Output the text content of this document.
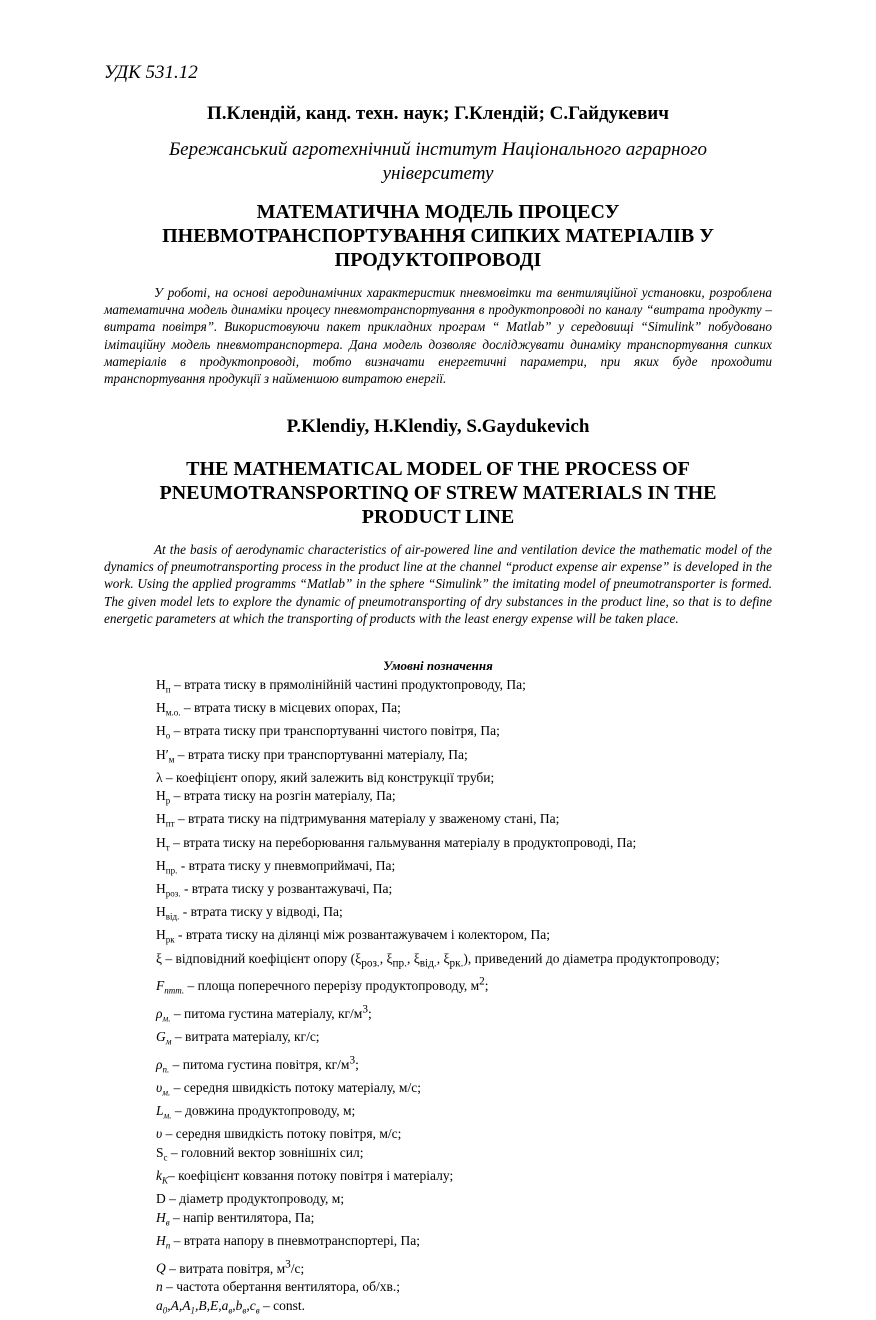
УДК 531.12
П.Клендій, канд. техн. наук; Г.Клендій; С.Гайдукевич
Бережанський агротехнічний інститут Національного аграрного університету
МАТЕМАТИЧНА МОДЕЛЬ ПРОЦЕСУ ПНЕВМОТРАНСПОРТУВАННЯ СИПКИХ МАТЕРІАЛІВ У ПРОДУКТОПРОВОДІ
У роботі, на основі аеродинамічних характеристик пневмовітки та вентиляційної установки, розроблена математична модель динаміки процесу пневмотранспортування в продуктопроводі по каналу “витрата продукту – витрата повітря”. Використовуючи пакет прикладних програм “ Matlab” у середовищі “Simulink” побудовано імітаційну модель пневмотранспортера. Дана модель дозволяє досліджувати динаміку транспортування сипких матеріалів в продуктопроводі, тобто визначати енергетичні параметри, при яких буде проходити транспортування продукції з найменшою витратою енергії.
P.Klendiy, H.Klendiy, S.Gaydukevich
THE MATHEMATICAL MODEL OF THE PROCESS OF PNEUMOTRANSPORTINQ OF STREW MATERIALS IN THE PRODUCT LINE
At the basis of aerodynamic characteristics of air-powered line and ventilation device the mathematic model of the dynamics of pneumotransporting process in the product line at the channel “product expense air expense” is developed in the work. Using the applied programms “Matlab” in the sphere “Simulink” the imitating model of pneumotransporter is formed. The given model lets to explore the dynamic of pneumotransporting of dry substances in the product line, so that is to define energetic parameters at which the transporting of products with the least energy expense will be taken place.
Умовні позначення
$H_п$ – втрата тиску в прямолінійній частині продуктопроводу, Па;
$H_{м.о.}$ – втрата тиску в місцевих опорах, Па;
$H_о$ – втрата тиску при транспортуванні чистого повітря, Па;
$H'_м$ – втрата тиску при транспортуванні матеріалу, Па;
λ – коефіцієнт опору, який залежить від конструкції труби;
$H_р$ – втрата тиску на розгін матеріалу, Па;
$H_{пт}$ – втрата тиску на підтримування матеріалу у зваженому стані, Па;
$H_т$ – втрата тиску на переборювання гальмування матеріалу в продуктопроводі, Па;
$H_{пр.}$ - втрата тиску у пневмоприймачі, Па;
$H_{роз.}$ - втрата тиску у розвантажувачі, Па;
$H_{від.}$ - втрата тиску у відводі, Па;
$H_{рк}$ - втрата тиску на ділянці між розвантажувачем і колектором, Па;
ξ – відповідний коефіцієнт опору ($\xi_{роз.}$, $\xi_{пр.}$, $\xi_{від.}$, $\xi_{рк.}$), приведений до діаметра продуктопроводу;
$F_{птт.}$ – площа поперечного перерізу продуктопроводу, $м^2$;
$\rho_{м.}$ – питома густина матеріалу, $кг/м^3$;
$G_м$ – витрата матеріалу, кг/с;
$\rho_{п.}$ – питома густина повітря, $кг/м^3$;
$\upsilon_{м.}$ – середня швидкість потоку матеріалу, м/с;
$L_{м.}$ – довжина продуктопроводу, м;
υ – середня швидкість потоку повітря, м/с;
$S_с$ – головний вектор зовнішніх сил;
$k_К-$ коефіцієнт ковзання потоку повітря і матеріалу;
D – діаметр продуктопроводу, м;
$H_в$ – напір вентилятора, Па;
$H_п$ – втрата напору в пневмотранспортері, Па;
Q – витрата повітря, $м^3/с$;
n – частота обертання вентилятора, об/хв.;
$a_0,A,A_1,B,E,a_в,b_в,c_в$ – const.
